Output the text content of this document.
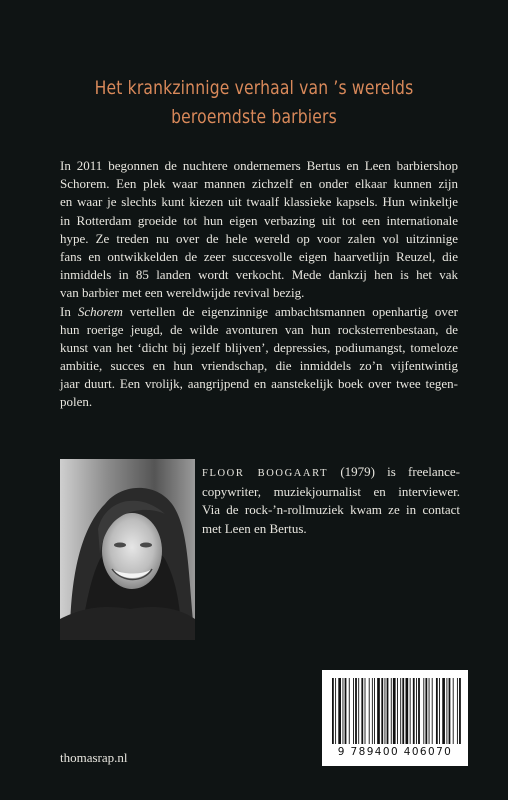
Het krankzinnige verhaal van ’s werelds
beroemdste barbiers

In 2011 begonnen de nuchtere ondernemers Bertus en Leen barbiershop
Schorem. Een plek waar mannen zichzelf en onder elkaar kunnen zijn
en waar je slechts kunt kiezen uit twaalf klassieke kapsels. Hun winkeltje
in Rotterdam groeide tot hun eigen verbazing uit tot een internationale
hype. Ze treden nu over de hele wereld op voor zalen vol uitzinnige
fans en ontwikkelden de zeer succesvolle eigen haarvetlijn Reuzel, die
inmiddels in 85 landen wordt verkocht. Mede dankzij hen is het vak
van barbier met een wereldwijde revival bezig.

In Schorem vertellen de eigenzinnige ambachtsmannen openhartig over
hun roerige jeugd, de wilde avonturen van hun rocksterrenbestaan, de
kunst van het ‘dicht bij jezelf blijven’, depressies, podiumangst, tomeloze
ambitie, succes en hun vriendschap, die inmiddels zo’n vijfentwintig
jaar duurt. Een vrolijk, aangrijpend en aanstekelijk boek over twee tegen-
polen.

FLOOR BOOGAART (1979) is freelance-
copywriter, muziekjournalist en interviewer.
Via de rock-’n-rollmuziek kwam ze in contact
met Leen en Bertus.
9 789400 406070
thomasrap.nl
